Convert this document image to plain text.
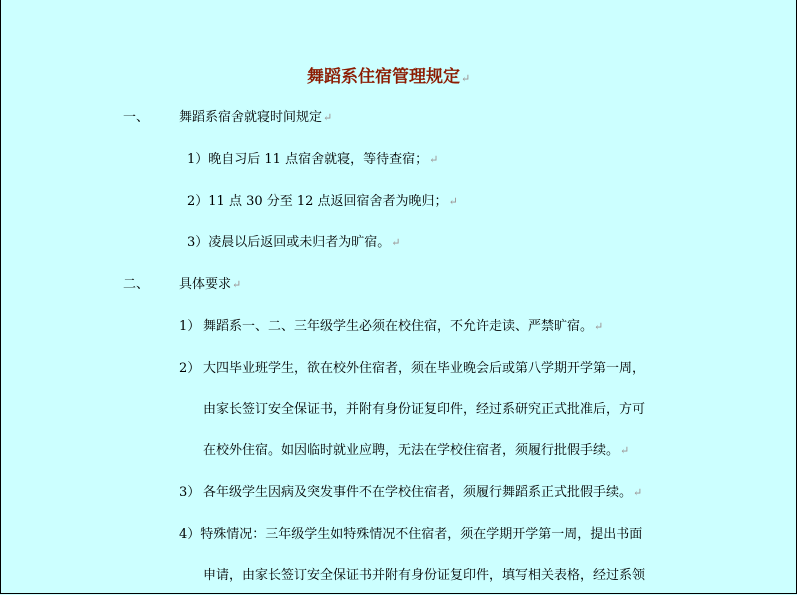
舞蹈系住宿管理规定↵
一、 舞蹈系宿舍就寝时间规定↵
1）晚自习后 11 点宿舍就寝，等待查宿；↵
2）11 点 30 分至 12 点返回宿舍者为晚归；↵
3）凌晨以后返回或未归者为旷宿。↵
二、 具体要求↵
1） 舞蹈系一、二、三年级学生必须在校住宿，不允许走读、严禁旷宿。↵
2） 大四毕业班学生，欲在校外住宿者，须在毕业晚会后或第八学期开学第一周，
由家长签订安全保证书，并附有身份证复印件，经过系研究正式批准后，方可
在校外住宿。如因临时就业应聘，无法在学校住宿者，须履行批假手续。↵
3） 各年级学生因病及突发事件不在学校住宿者，须履行舞蹈系正式批假手续。↵
4）特殊情况：三年级学生如特殊情况不住宿者，须在学期开学第一周，提出书面
申请，由家长签订安全保证书并附有身份证复印件，填写相关表格，经过系领
